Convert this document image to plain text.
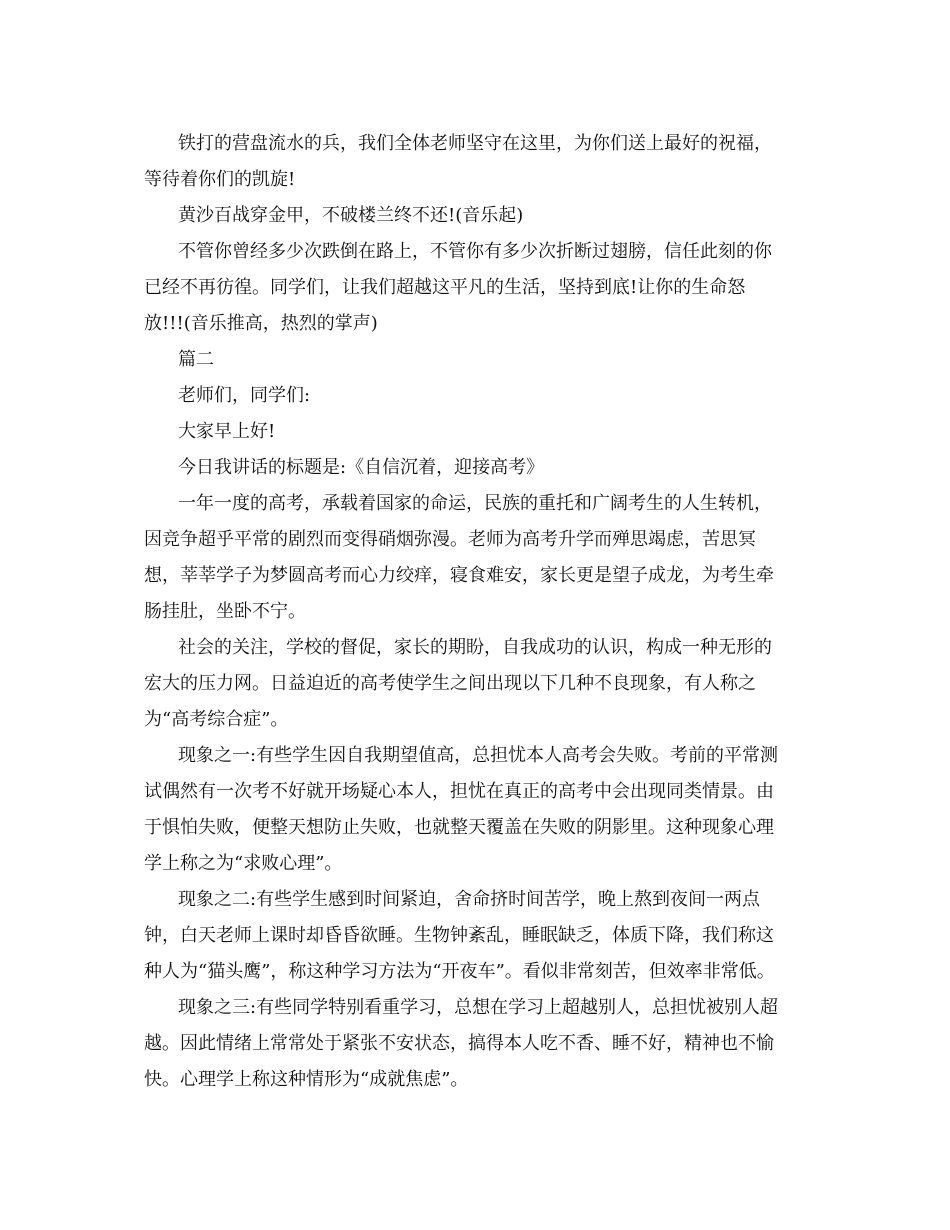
铁打的营盘流水的兵，我们全体老师坚守在这里，为你们送上最好的祝福，
等待着你们的凯旋!
黄沙百战穿金甲，不破楼兰终不还!(音乐起)
不管你曾经多少次跌倒在路上，不管你有多少次折断过翅膀，信任此刻的你
已经不再彷徨。同学们，让我们超越这平凡的生活，坚持到底!让你的生命怒
放!!!(音乐推高，热烈的掌声)
篇二
老师们，同学们:
大家早上好!
今日我讲话的标题是:《自信沉着，迎接高考》
一年一度的高考，承载着国家的命运，民族的重托和广阔考生的人生转机，
因竞争超乎平常的剧烈而变得硝烟弥漫。老师为高考升学而殚思竭虑，苦思冥
想，莘莘学子为梦圆高考而心力绞痒，寝食难安，家长更是望子成龙，为考生牵
肠挂肚，坐卧不宁。
社会的关注，学校的督促，家长的期盼，自我成功的认识，构成一种无形的
宏大的压力网。日益迫近的高考使学生之间出现以下几种不良现象，有人称之
为“高考综合症”。
现象之一:有些学生因自我期望值高，总担忧本人高考会失败。考前的平常测
试偶然有一次考不好就开场疑心本人，担忧在真正的高考中会出现同类情景。由
于惧怕失败，便整天想防止失败，也就整天覆盖在失败的阴影里。这种现象心理
学上称之为“求败心理”。
现象之二:有些学生感到时间紧迫，舍命挤时间苦学，晚上熬到夜间一两点
钟，白天老师上课时却昏昏欲睡。生物钟紊乱，睡眠缺乏，体质下降，我们称这
种人为“猫头鹰”，称这种学习方法为“开夜车”。看似非常刻苦，但效率非常低。
现象之三:有些同学特别看重学习，总想在学习上超越别人，总担忧被别人超
越。因此情绪上常常处于紧张不安状态，搞得本人吃不香、睡不好，精神也不愉
快。心理学上称这种情形为“成就焦虑”。
